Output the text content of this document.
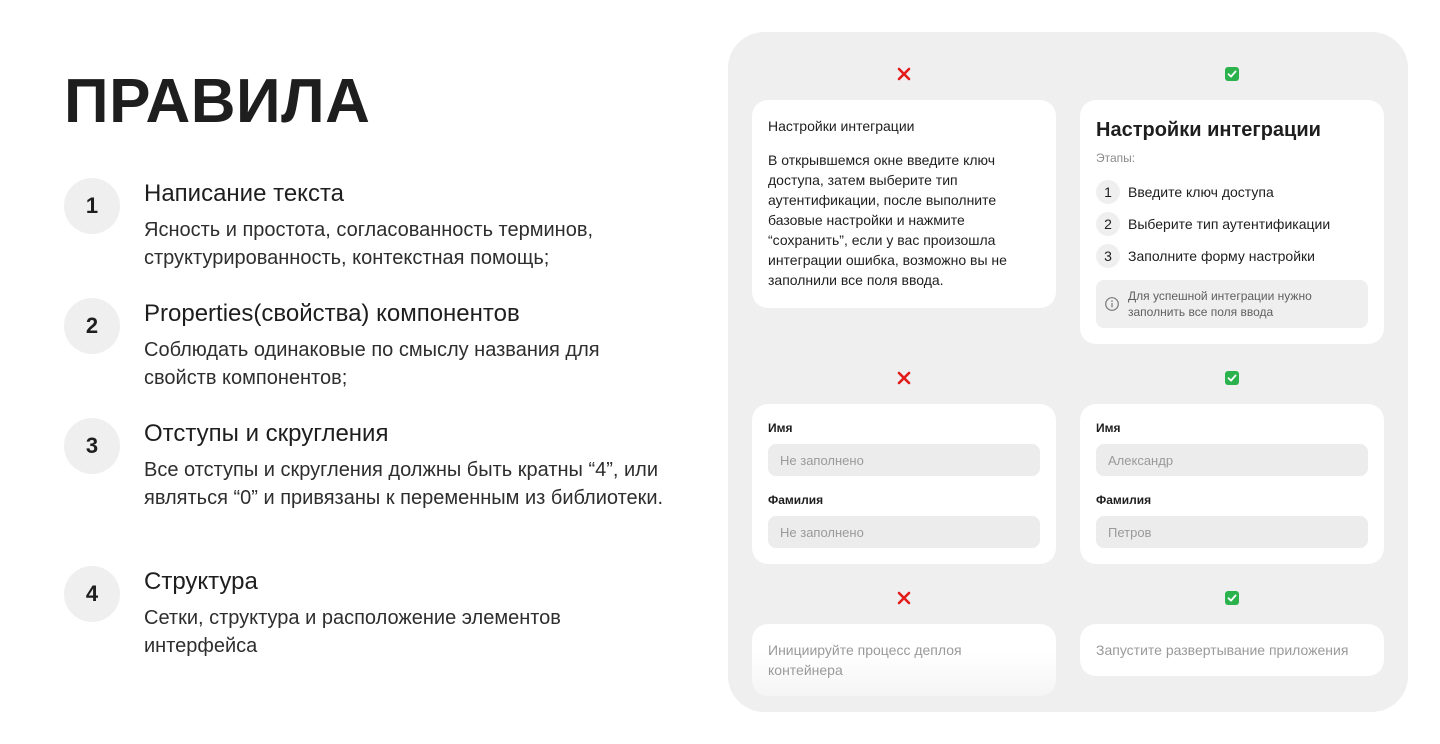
ПРАВИЛА
1	Написание текста
Ясность и простота, согласованность терминов, структурированность, контекстная помощь;
2	Properties(свойства) компонентов
Соблюдать одинаковые по смыслу названия для свойств компонентов;
3	Отступы и скругления
Все отступы и скругления должны быть кратны “4”, или являться “0” и привязаны к переменным из библиотеки.
4	Структура
Сетки, структура и расположение элементов интерфейса
Настройки интеграции
В открывшемся окне введите ключ доступа, затем выберите тип аутентификации, после выполните базовые настройки и нажмите “сохранить”, если у вас произошла интеграции ошибка, возможно вы не заполнили все поля ввода.
Настройки интеграции
Этапы:
1	Введите ключ доступа
2	Выберите тип аутентификации
3	Заполните форму настройки
Для успешной интеграции нужно заполнить все поля ввода
Имя
Не заполнено
Фамилия
Не заполнено
Имя
Александр
Фамилия
Петров
Инициируйте процесс деплоя контейнера
Запустите развертывание приложения
